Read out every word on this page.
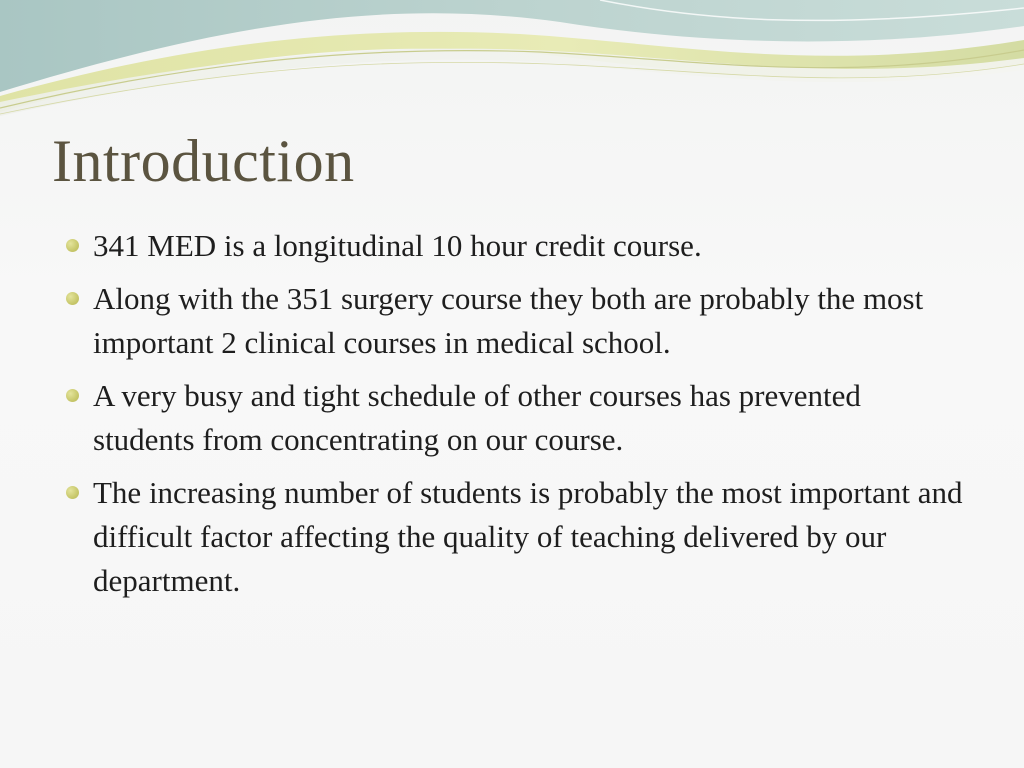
Introduction
341 MED is a longitudinal 10 hour credit course.
Along with the 351 surgery course they both are probably the most important 2 clinical courses in medical school.
A very busy and tight schedule of other courses has prevented students from concentrating on our course.
The increasing number of students is probably the most important and difficult factor affecting the quality of teaching delivered by our department.
